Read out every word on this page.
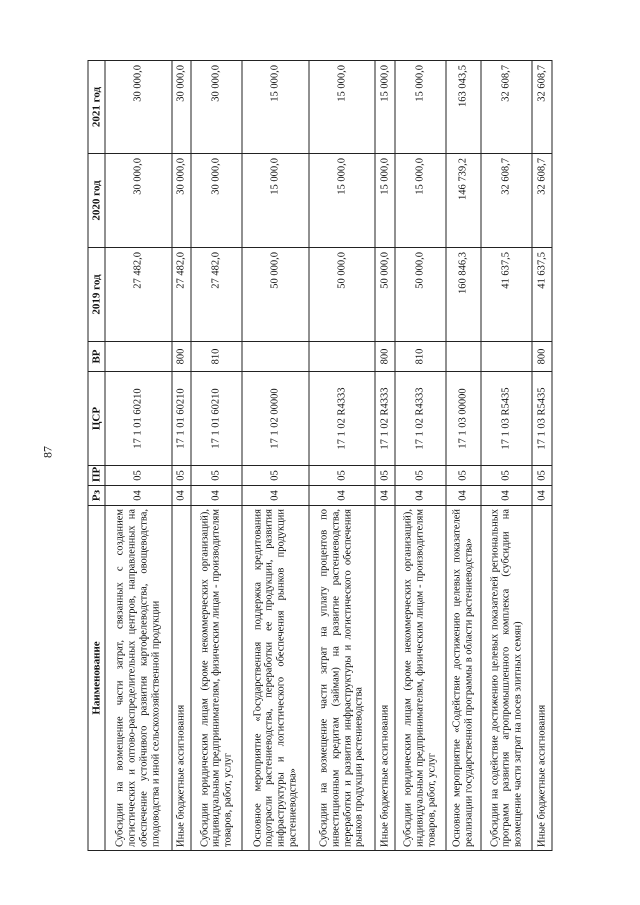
87
Наименование	Рз	ПР	ЦСР	ВР	2019 год	2020 год	2021 год
Субсидии на возмещение части затрат, связанных с созданием логистических и оптово-распределительных центров, направленных на обеспечение устойчивого развития картофелеводства, овощеводства, плодоводства и иной сельскохозяйственной продукции	04	05	17 1 01 60210		27 482,0	30 000,0	30 000,0
Иные бюджетные ассигнования	04	05	17 1 01 60210	800	27 482,0	30 000,0	30 000,0
Субсидии юридическим лицам (кроме некоммерческих организаций), индивидуальным предпринимателям, физическим лицам - производителям товаров, работ, услуг	04	05	17 1 01 60210	810	27 482,0	30 000,0	30 000,0
Основное мероприятие «Государственная поддержка кредитования подотрасли растениеводства, переработки ее продукции, развития инфраструктуры и логистического обеспечения рынков продукции растениеводства»	04	05	17 1 02 00000		50 000,0	15 000,0	15 000,0
Субсидии на возмещение части затрат на уплату процентов по инвестиционным кредитам (займам) на развитие растениеводства, переработки и развития инфраструктуры и логистического обеспечения рынков продукции растениеводства	04	05	17 1 02 R4333		50 000,0	15 000,0	15 000,0
Иные бюджетные ассигнования	04	05	17 1 02 R4333	800	50 000,0	15 000,0	15 000,0
Субсидии юридическим лицам (кроме некоммерческих организаций), индивидуальным предпринимателям, физическим лицам - производителям товаров, работ, услуг	04	05	17 1 02 R4333	810	50 000,0	15 000,0	15 000,0
Основное мероприятие «Содействие достижению целевых показателей реализации государственной программы в области растениеводства»	04	05	17 1 03 00000		160 846,3	146 739,2	163 043,5
Субсидии на содействие достижению целевых показателей региональных программ развития агропромышленного комплекса (субсидии на возмещение части затрат на посев элитных семян)	04	05	17 1 03 R5435		41 637,5	32 608,7	32 608,7
Иные бюджетные ассигнования	04	05	17 1 03 R5435	800	41 637,5	32 608,7	32 608,7
